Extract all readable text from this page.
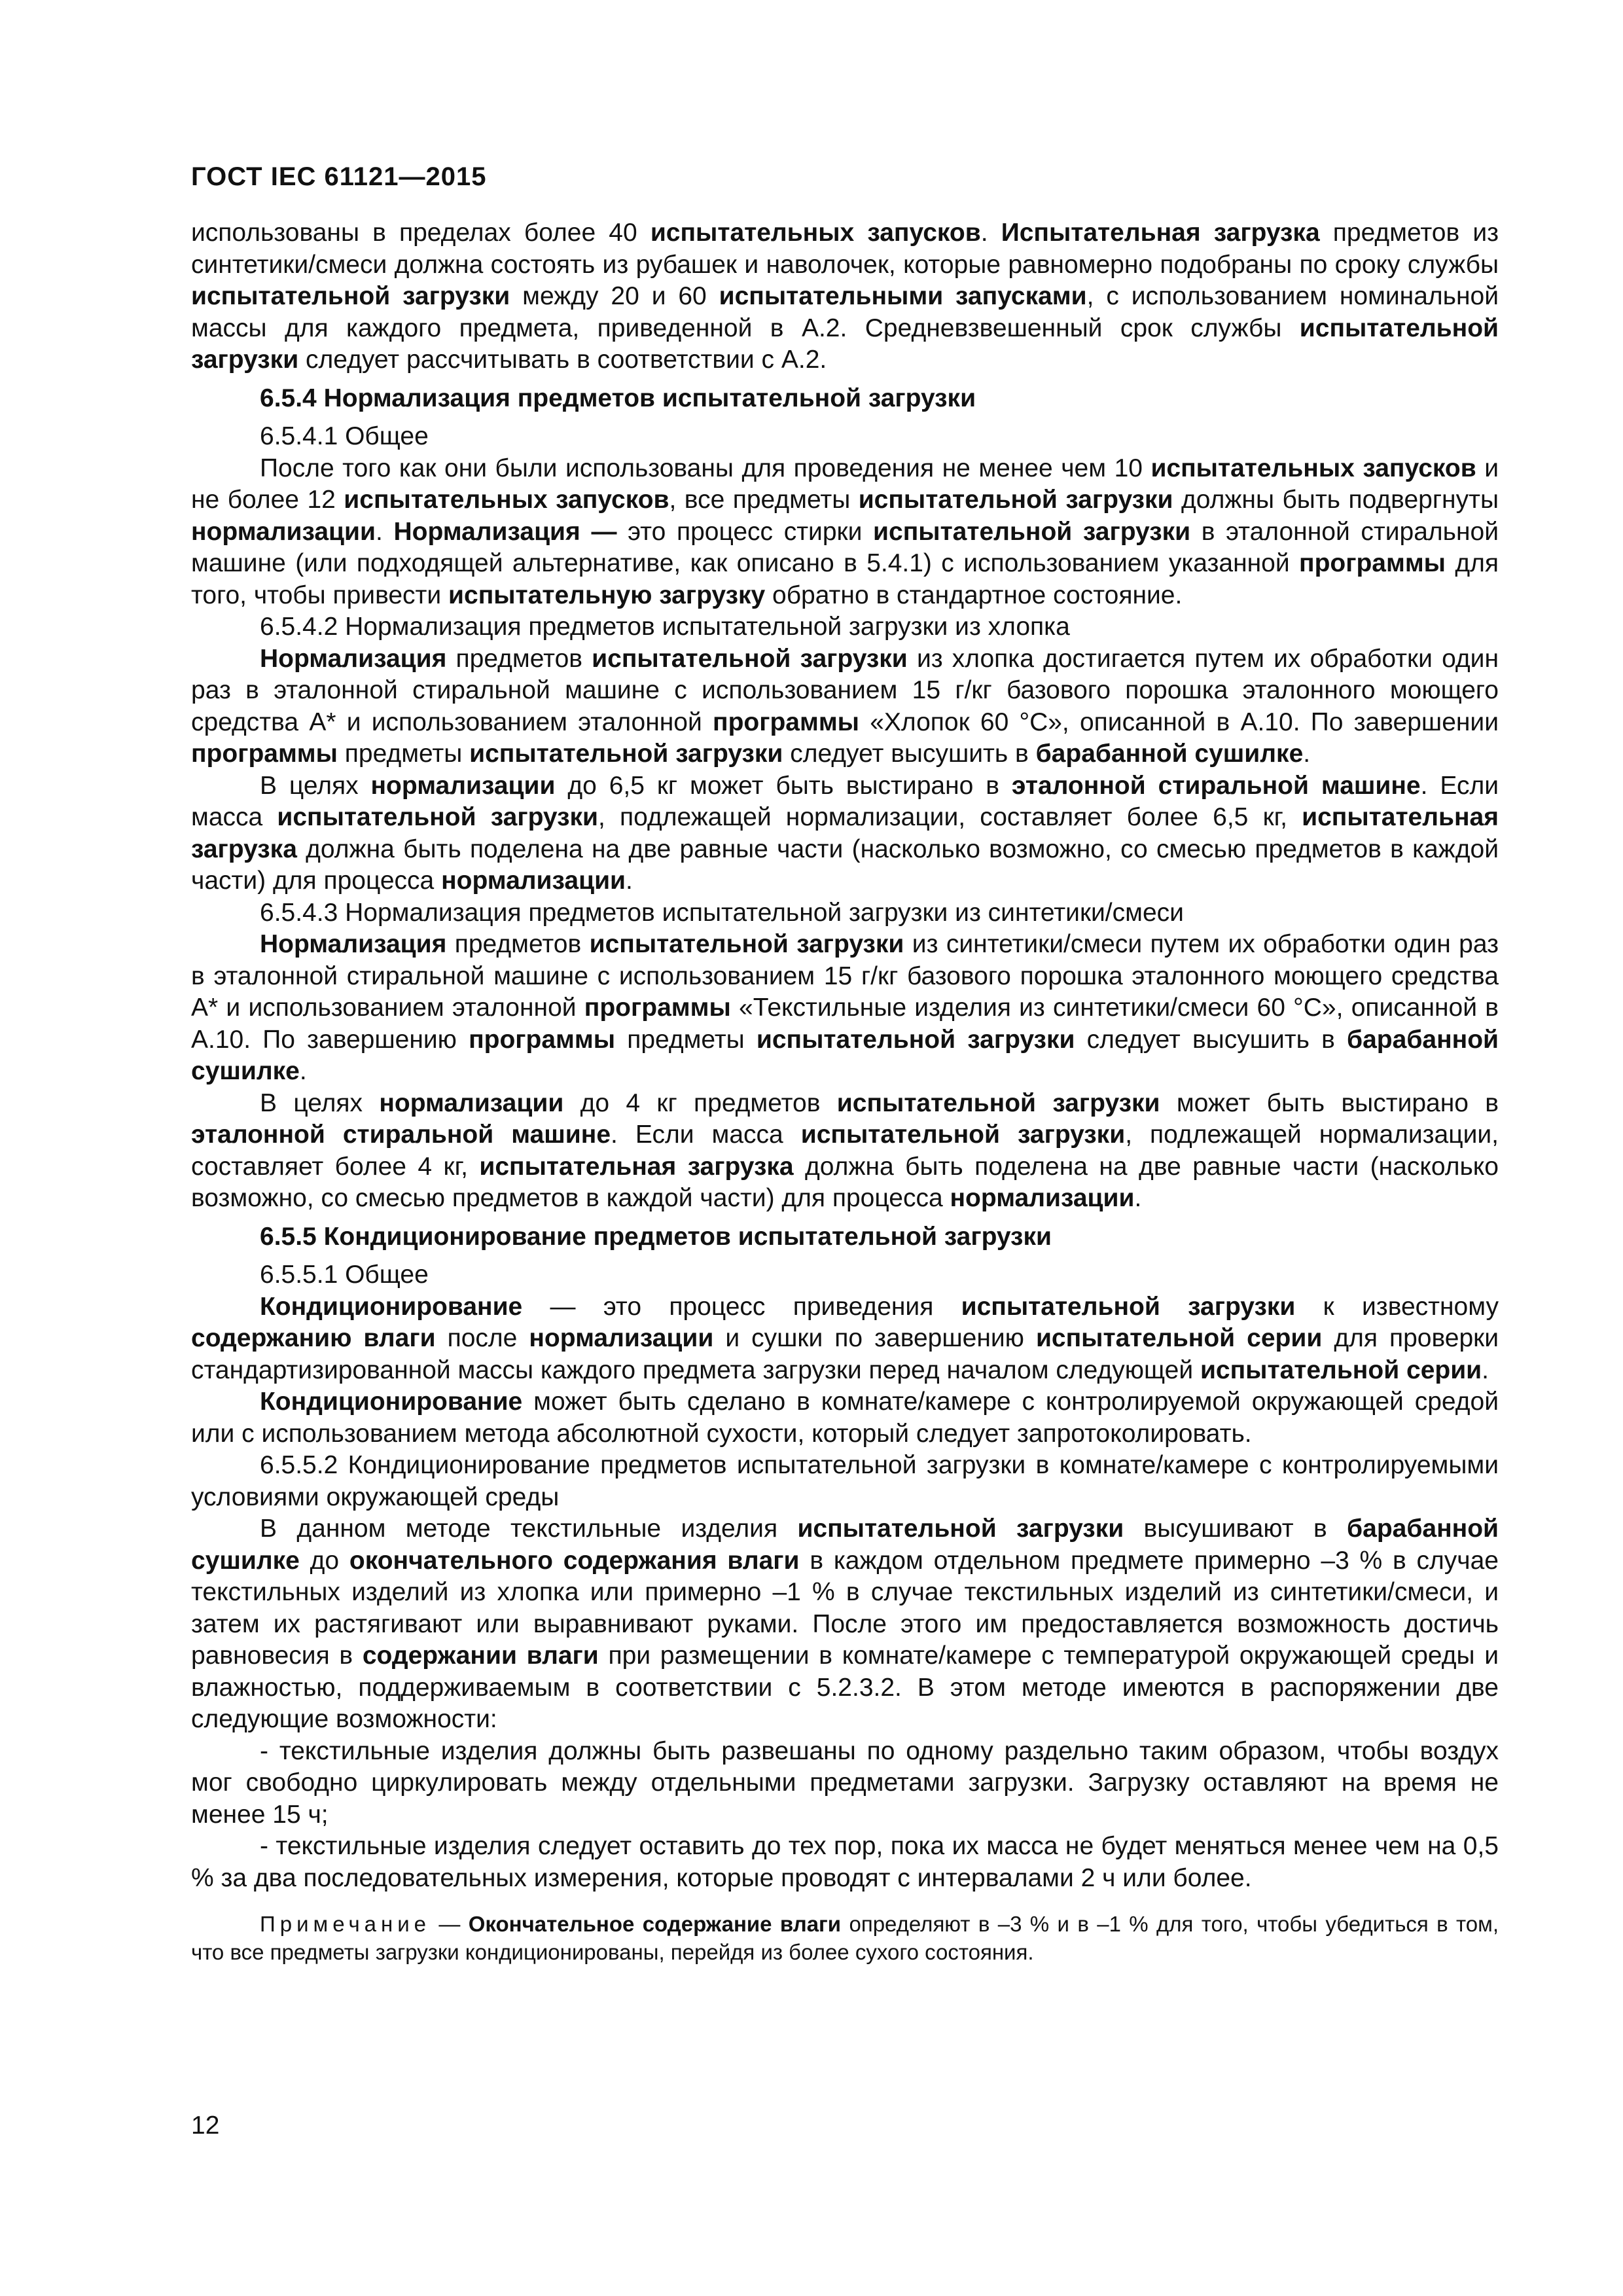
ГОСТ IEC 61121—2015

использованы в пределах более 40 испытательных запусков. Испытательная загрузка предметов из синтетики/смеси должна состоять из рубашек и наволочек, которые равномерно подобраны по сроку службы испытательной загрузки между 20 и 60 испытательными запусками, с использованием номинальной массы для каждого предмета, приведенной в А.2. Средневзвешенный срок службы испытательной загрузки следует рассчитывать в соответствии с А.2.

6.5.4 Нормализация предметов испытательной загрузки

6.5.4.1 Общее

После того как они были использованы для проведения не менее чем 10 испытательных запусков и не более 12 испытательных запусков, все предметы испытательной загрузки должны быть подвергнуты нормализации. Нормализация — это процесс стирки испытательной загрузки в эталонной стиральной машине (или подходящей альтернативе, как описано в 5.4.1) с использованием указанной программы для того, чтобы привести испытательную загрузку обратно в стандартное состояние.

6.5.4.2 Нормализация предметов испытательной загрузки из хлопка

Нормализация предметов испытательной загрузки из хлопка достигается путем их обработки один раз в эталонной стиральной машине с использованием 15 г/кг базового порошка эталонного моющего средства А* и использованием эталонной программы «Хлопок 60 °С», описанной в А.10. По завершении программы предметы испытательной загрузки следует высушить в барабанной сушилке.

В целях нормализации до 6,5 кг может быть выстирано в эталонной стиральной машине. Если масса испытательной загрузки, подлежащей нормализации, составляет более 6,5 кг, испытательная загрузка должна быть поделена на две равные части (насколько возможно, со смесью предметов в каждой части) для процесса нормализации.

6.5.4.3 Нормализация предметов испытательной загрузки из синтетики/смеси

Нормализация предметов испытательной загрузки из синтетики/смеси путем их обработки один раз в эталонной стиральной машине с использованием 15 г/кг базового порошка эталонного моющего средства А* и использованием эталонной программы «Текстильные изделия из синтетики/смеси 60 °С», описанной в А.10. По завершению программы предметы испытательной загрузки следует высушить в барабанной сушилке.

В целях нормализации до 4 кг предметов испытательной загрузки может быть выстирано в эталонной стиральной машине. Если масса испытательной загрузки, подлежащей нормализации, составляет более 4 кг, испытательная загрузка должна быть поделена на две равные части (насколько возможно, со смесью предметов в каждой части) для процесса нормализации.

6.5.5 Кондиционирование предметов испытательной загрузки

6.5.5.1 Общее

Кондиционирование — это процесс приведения испытательной загрузки к известному содержанию влаги после нормализации и сушки по завершению испытательной серии для проверки стандартизированной массы каждого предмета загрузки перед началом следующей испытательной серии.

Кондиционирование может быть сделано в комнате/камере с контролируемой окружающей средой или с использованием метода абсолютной сухости, который следует запротоколировать.

6.5.5.2 Кондиционирование предметов испытательной загрузки в комнате/камере с контролируемыми условиями окружающей среды

В данном методе текстильные изделия испытательной загрузки высушивают в барабанной сушилке до окончательного содержания влаги в каждом отдельном предмете примерно –3 % в случае текстильных изделий из хлопка или примерно –1 % в случае текстильных изделий из синтетики/смеси, и затем их растягивают или выравнивают руками. После этого им предоставляется возможность достичь равновесия в содержании влаги при размещении в комнате/камере с температурой окружающей среды и влажностью, поддерживаемым в соответствии с 5.2.3.2. В этом методе имеются в распоряжении две следующие возможности:

- текстильные изделия должны быть развешаны по одному раздельно таким образом, чтобы воздух мог свободно циркулировать между отдельными предметами загрузки. Загрузку оставляют на время не менее 15 ч;

- текстильные изделия следует оставить до тех пор, пока их масса не будет меняться менее чем на 0,5 % за два последовательных измерения, которые проводят с интервалами 2 ч или более.

Примечание — Окончательное содержание влаги определяют в –3 % и в –1 % для того, чтобы убедиться в том, что все предметы загрузки кондиционированы, перейдя из более сухого состояния.

12
